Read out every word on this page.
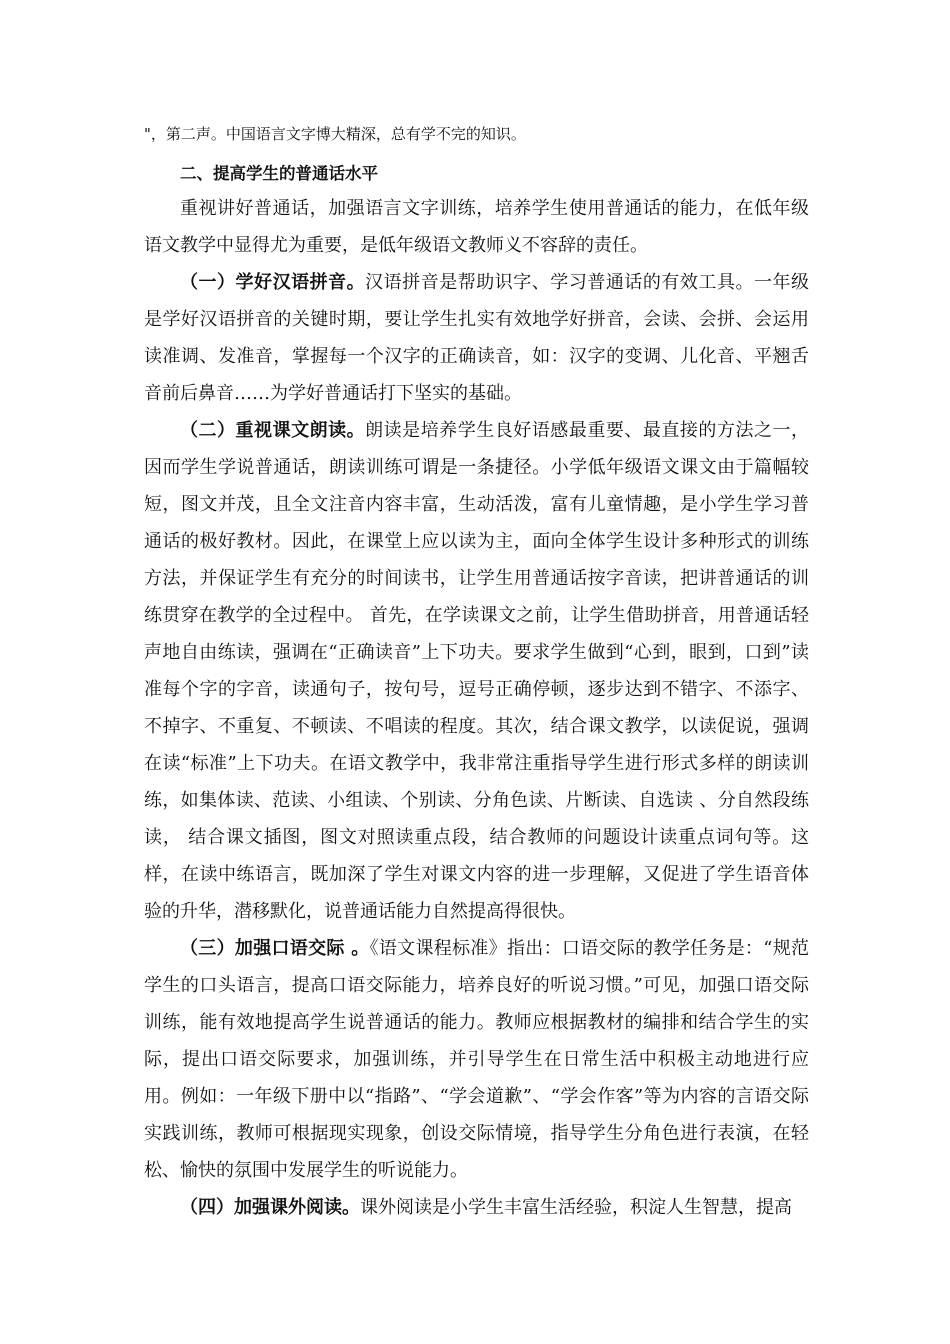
"，第二声。中国语言文字博大精深，总有学不完的知识。
二、提高学生的普通话水平

重视讲好普通话，加强语言文字训练，培养学生使用普通话的能力，在低年级语文教学中显得尤为重要，是低年级语文教师义不容辞的责任。

（一）学好汉语拼音。汉语拼音是帮助识字、学习普通话的有效工具。一年级是学好汉语拼音的关键时期，要让学生扎实有效地学好拼音，会读、会拼、会运用读准调、发准音，掌握每一个汉字的正确读音，如：汉字的变调、儿化音、平翘舌音前后鼻音……为学好普通话打下坚实的基础。

（二）重视课文朗读。朗读是培养学生良好语感最重要、最直接的方法之一，因而学生学说普通话，朗读训练可谓是一条捷径。小学低年级语文课文由于篇幅较短，图文并茂，且全文注音内容丰富，生动活泼，富有儿童情趣，是小学生学习普通话的极好教材。因此，在课堂上应以读为主，面向全体学生设计多种形式的训练方法，并保证学生有充分的时间读书，让学生用普通话按字音读，把讲普通话的训练贯穿在教学的全过程中。 首先，在学读课文之前，让学生借助拼音，用普通话轻声地自由练读，强调在“正确读音”上下功夫。要求学生做到“心到，眼到，口到”读准每个字的字音，读通句子，按句号，逗号正确停顿，逐步达到不错字、不添字、不掉字、不重复、不顿读、不唱读的程度。其次，结合课文教学，以读促说，强调在读“标准”上下功夫。在语文教学中，我非常注重指导学生进行形式多样的朗读训练，如集体读、范读、小组读、个别读、分角色读、片断读、自选读 、分自然段练读， 结合课文插图，图文对照读重点段，结合教师的问题设计读重点词句等。这样，在读中练语言，既加深了学生对课文内容的进一步理解，又促进了学生语音体验的升华，潜移默化，说普通话能力自然提高得很快。

（三）加强口语交际 。《语文课程标准》指出：口语交际的教学任务是：“规范学生的口头语言，提高口语交际能力，培养良好的听说习惯。”可见，加强口语交际训练，能有效地提高学生说普通话的能力。教师应根据教材的编排和结合学生的实际，提出口语交际要求，加强训练，并引导学生在日常生活中积极主动地进行应用。例如：一年级下册中以“指路”、“学会道歉”、“学会作客”等为内容的言语交际实践训练，教师可根据现实现象，创设交际情境，指导学生分角色进行表演，在轻松、愉快的氛围中发展学生的听说能力。

（四）加强课外阅读。课外阅读是小学生丰富生活经验，积淀人生智慧，提高
